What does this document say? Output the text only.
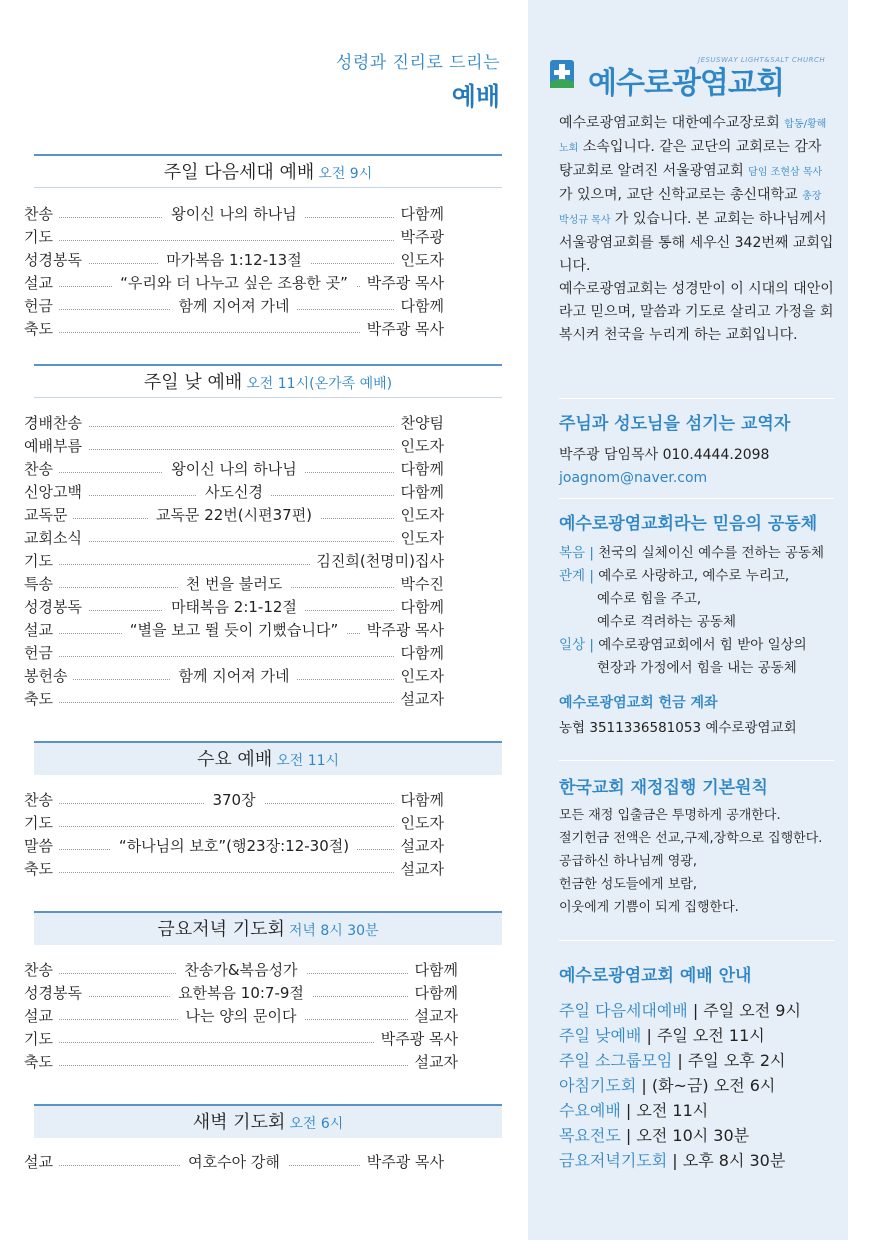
성령과 진리로 드리는
예배
주일 다음세대 예배 오전 9시
찬송	왕이신 나의 하나님	다함께
기도	박주광
성경봉독	마가복음 1:12-13절	인도자
설교	“우리와 더 나누고 싶은 조용한 곳”	박주광 목사
헌금	함께 지어져 가네	다함께
축도	박주광 목사
주일 낮 예배 오전 11시(온가족 예배)
경배찬송	찬양팀
예배부름	인도자
찬송	왕이신 나의 하나님	다함께
신앙고백	사도신경	다함께
교독문	교독문 22번(시편37편)	인도자
교회소식	인도자
기도	김진희(천명미)집사
특송	천 번을 불러도	박수진
성경봉독	마태복음 2:1-12절	다함께
설교	“별을 보고 뛸 듯이 기뻤습니다”	박주광 목사
헌금	다함께
봉헌송	함께 지어져 가네	인도자
축도	설교자
수요 예배 오전 11시
찬송	370장	다함께
기도	인도자
말씀	“하나님의 보호”(행23장:12-30절)	설교자
축도	설교자
금요저녁 기도회 저녁 8시 30분
찬송	찬송가&복음성가	다함께
성경봉독	요한복음 10:7-9절	다함께
설교	나는 양의 문이다	설교자
기도	박주광 목사
축도	설교자
새벽 기도회 오전 6시
설교	여호수아 강해	박주광 목사
JESUSWAY LIGHT&SALT CHURCH
예수로광염교회
예수로광염교회는 대한예수교장로회 합동/황해노회 소속입니다. 같은 교단의 교회로는 감자탕교회로 알려진 서울광염교회 담임 조현삼 목사 가 있으며, 교단 신학교로는 총신대학교 총장 박성규 목사 가 있습니다. 본 교회는 하나님께서 서울광염교회를 통해 세우신 342번째 교회입니다.
예수로광염교회는 성경만이 이 시대의 대안이라고 믿으며, 말씀과 기도로 살리고 가정을 회복시켜 천국을 누리게 하는 교회입니다.
주님과 성도님을 섬기는 교역자
박주광 담임목사 010.4444.2098
joagnom@naver.com
예수로광염교회라는 믿음의 공동체
복음 | 천국의 실체이신 예수를 전하는 공동체
관계 | 예수로 사랑하고, 예수로 누리고,
예수로 힘을 주고,
예수로 격려하는 공동체
일상 | 예수로광염교회에서 힘 받아 일상의
현장과 가정에서 힘을 내는 공동체
예수로광염교회 헌금 계좌
농협 3511336581053 예수로광염교회
한국교회 재정집행 기본원칙
모든 재정 입출금은 투명하게 공개한다.
절기헌금 전액은 선교,구제,장학으로 집행한다.
공급하신 하나님께 영광,
헌금한 성도들에게 보람,
이웃에게 기쁨이 되게 집행한다.
예수로광염교회 예배 안내
주일 다음세대예배 | 주일 오전 9시
주일 낮예배 | 주일 오전 11시
주일 소그룹모임 | 주일 오후 2시
아침기도회 | (화~금) 오전 6시
수요예배 | 오전 11시
목요전도 | 오전 10시 30분
금요저녁기도회 | 오후 8시 30분
